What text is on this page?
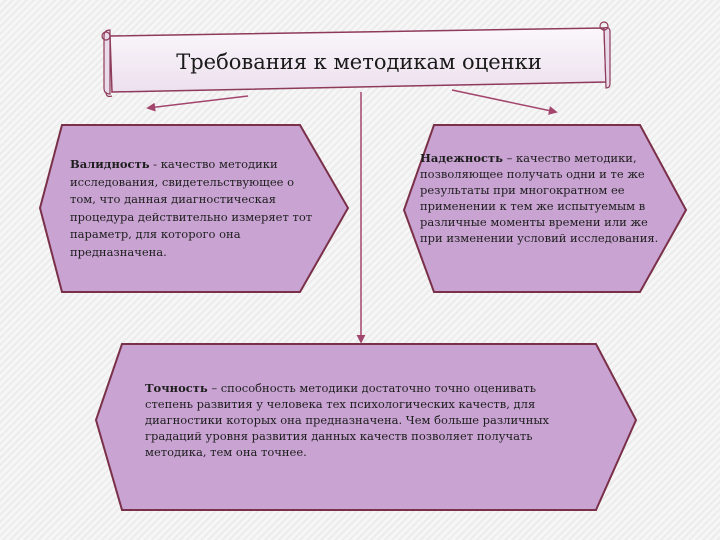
Требования к методикам оценки

Валидность - качество методики исследования, свидетельствующее о том, что данная диагностическая процедура действительно измеряет тот параметр, для которого она предназначена.

Надежность – качество методики, позволяющее получать одни и те же результаты при многократном ее применении к тем же испытуемым в различные моменты времени или же при изменении условий исследования.

Точность – способность методики достаточно точно оценивать степень развития у человека тех психологических качеств, для диагностики которых она предназначена. Чем больше различных градаций уровня развития данных качеств позволяет получать методика, тем она точнее.
